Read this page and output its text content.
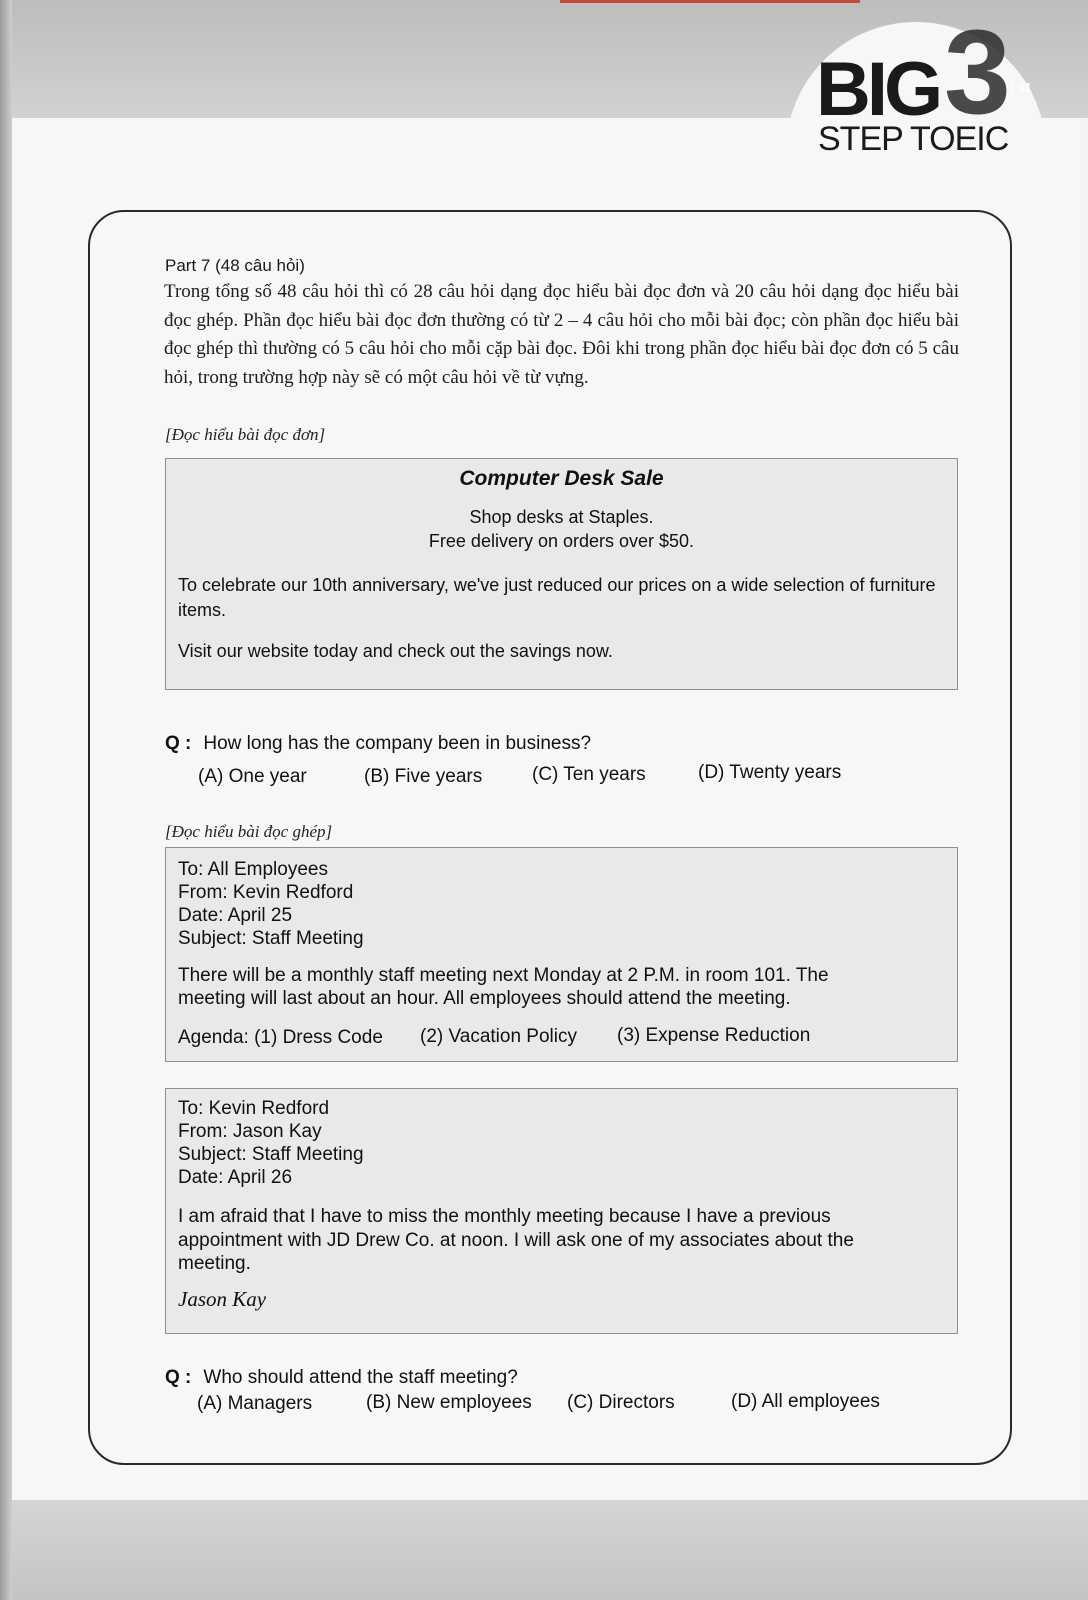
3
BIG
STEP TOEIC
11
Part 7 (48 câu hỏi)

Trong tổng số 48 câu hỏi thì có 28 câu hỏi dạng đọc hiểu bài đọc đơn và 20 câu hỏi dạng đọc hiểu bài đọc ghép. Phần đọc hiểu bài đọc đơn thường có từ 2 – 4 câu hỏi cho mỗi bài đọc; còn phần đọc hiểu bài đọc ghép thì thường có 5 câu hỏi cho mỗi cặp bài đọc. Đôi khi trong phần đọc hiểu bài đọc đơn có 5 câu hỏi, trong trường hợp này sẽ có một câu hỏi về từ vựng.

[Đọc hiểu bài đọc đơn]
Computer Desk Sale
Shop desks at Staples.
Free delivery on orders over $50.

To celebrate our 10th anniversary, we've just reduced our prices on a wide selection of furniture items.

Visit our website today and check out the savings now.

Q : How long has the company been in business?
(A) One year	(B) Five years	(C) Ten years	(D) Twenty years
[Đọc hiểu bài đọc ghép]

To: All Employees

From: Kevin Redford

Date: April 25

Subject: Staff Meeting

There will be a monthly staff meeting next Monday at 2 P.M. in room 101. The meeting will last about an hour. All employees should attend the meeting.

Agenda: (1) Dress Code (2) Vacation Policy (3) Expense Reduction

To: Kevin Redford

From: Jason Kay

Subject: Staff Meeting

Date: April 26

I am afraid that I have to miss the monthly meeting because I have a previous appointment with JD Drew Co. at noon. I will ask one of my associates about the meeting.

Jason Kay
Q : Who should attend the staff meeting?
(A) Managers	(B) New employees (C) Directors	(D) All employees
